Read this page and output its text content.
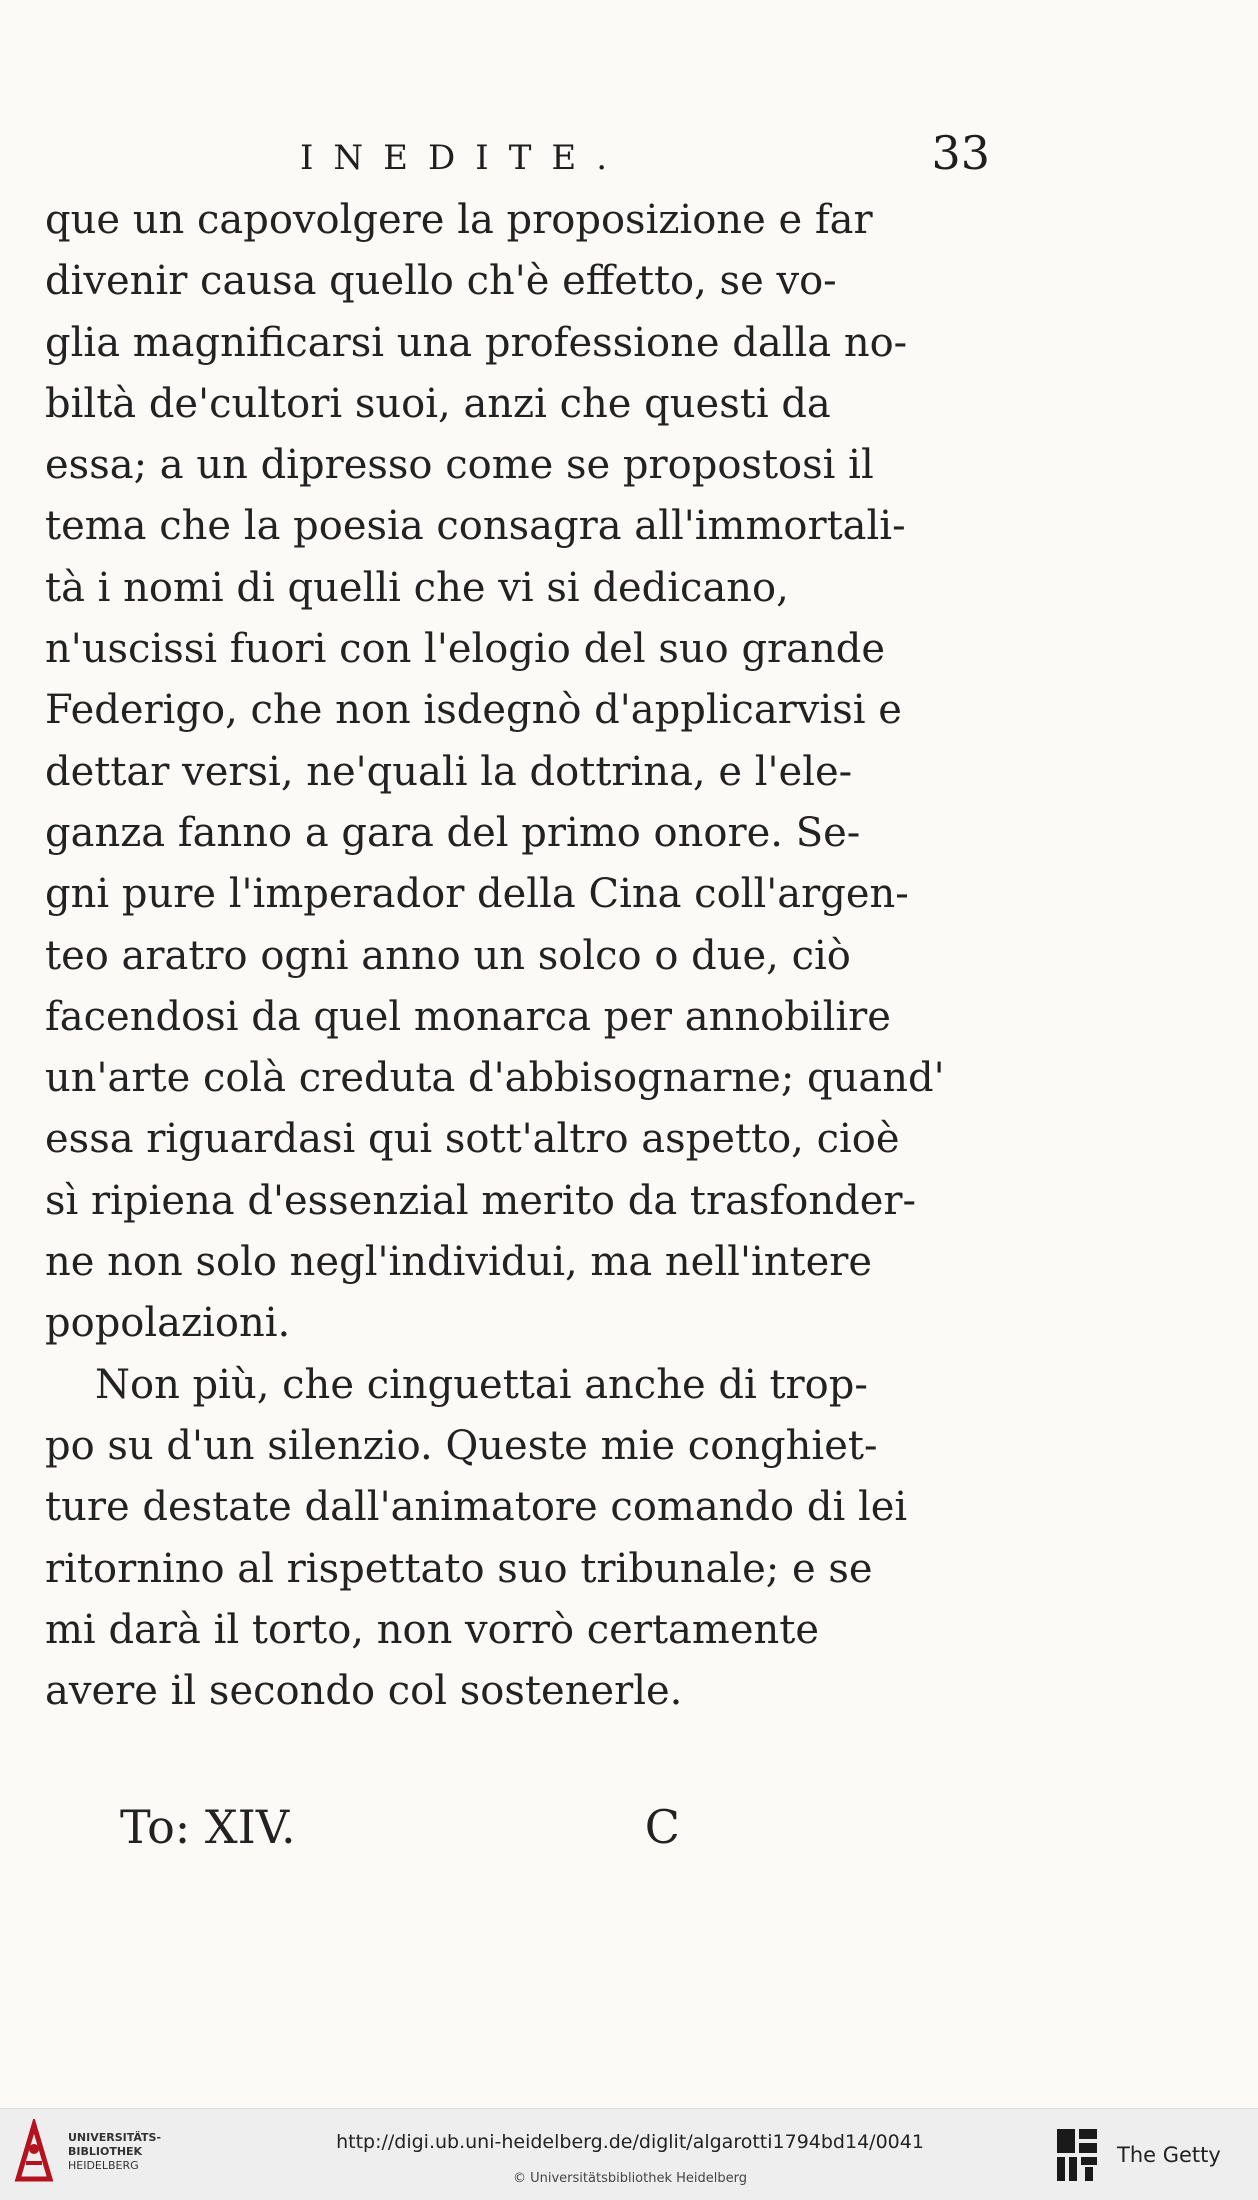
INEDITE.	33
que un capovolgere la proposizione e far
divenir causa quello ch'è effetto, se vo-
glia magnificarsi una professione dalla no-
biltà de'cultori suoi, anzi che questi da
essa; a un dipresso come se propostosi il
tema che la poesia consagra all'immortali-
tà i nomi di quelli che vi si dedicano,
n'uscissi fuori con l'elogio del suo grande
Federigo, che non isdegnò d'applicarvisi e
dettar versi, ne'quali la dottrina, e l'ele-
ganza fanno a gara del primo onore. Se-
gni pure l'imperador della Cina coll'argen-
teo aratro ogni anno un solco o due, ciò
facendosi da quel monarca per annobilire
un'arte colà creduta d'abbisognarne; quand'
essa riguardasi qui sott'altro aspetto, cioè
sì ripiena d'essenzial merito da trasfonder-
ne non solo negl'individui, ma nell'intere
popolazioni.
Non più, che cinguettai anche di trop-
po su d'un silenzio. Queste mie conghiet-
ture destate dall'animatore comando di lei
ritornino al rispettato suo tribunale; e se
mi darà il torto, non vorrò certamente
avere il secondo col sostenerle.
To: XIV.	C
UNIVERSITÄTS-
BIBLIOTHEK
HEIDELBERG
http://digi.ub.uni-heidelberg.de/diglit/algarotti1794bd14/0041
© Universitätsbibliothek Heidelberg
The Getty
